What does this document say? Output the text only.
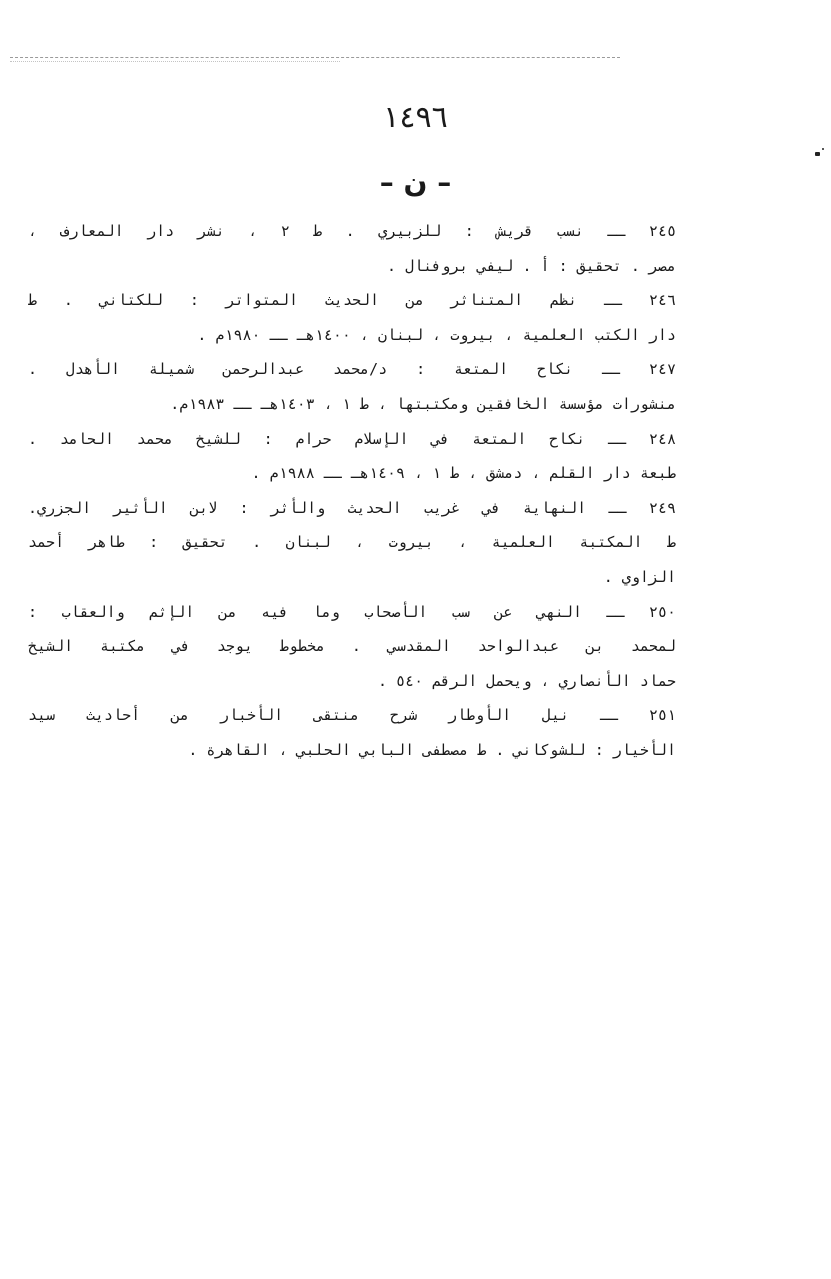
١٤٩٦
– ن –
٢٤٥ ــ نسب قريش : للزبيري . ط ٢ ، نشر دار المعارف ،
مصر . تحقيق : أ . ليفي بروفنال .
٢٤٦ ــ نظم المتناثر من الحديث المتواتر : للكتاني . ط
دار الكتب العلمية ، بيروت ، لبنان ، ١٤٠٠هـ ــ ١٩٨٠م .
٢٤٧ ــ نكاح المتعة : د/محمد عبدالرحمن شميلة الأهدل .
منشورات مؤسسة الخافقين ومكتبتها ، ط ١ ، ١٤٠٣هـ ــ ١٩٨٣م.
٢٤٨ ــ نكاح المتعة في الإسلام حرام : للشيخ محمد الحامد .
طبعة دار القلم ، دمشق ، ط ١ ، ١٤٠٩هـ ــ ١٩٨٨م .
٢٤٩ ــ النهاية في غريب الحديث والأثر : لابن الأثير الجزري.
ط المكتبة العلمية ، بيروت ، لبنان . تحقيق : طاهر أحمد
الزاوي .
٢٥٠ ــ النهي عن سب الأصحاب وما فيه من الإثم والعقاب :
لمحمد بن عبدالواحد المقدسي . مخطوط يوجد في مكتبة الشيخ
حماد الأنصاري ، ويحمل الرقم ٥٤٠ .
٢٥١ ــ نيل الأوطار شرح منتقى الأخبار من أحاديث سيد
الأخيار : للشوكاني . ط مصطفى البابي الحلبي ، القاهرة .
